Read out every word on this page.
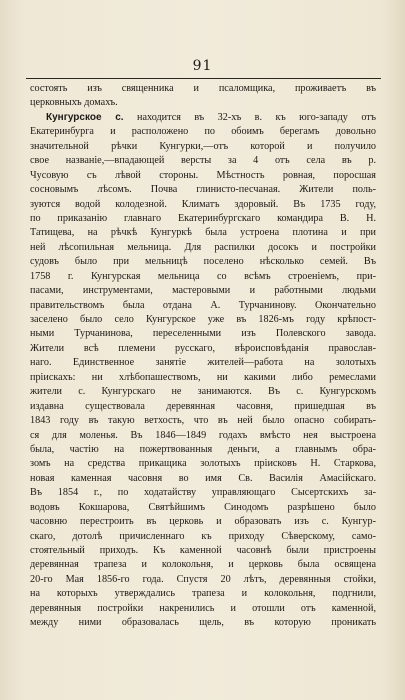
91
состоять изъ священника и псаломщика, проживаетъ въ
церковныхъ домахъ.
Кунгурское с. находится въ 32-хъ в. къ юго-западу отъ
Екатеринбурга и расположено по обоимъ берегамъ довольно
значительной рѣчки Кунгурки,—отъ которой и получило
свое названіе,—впадающей версты за 4 отъ села въ р.
Чусовую съ лѣвой стороны. Мѣстность ровная, поросшая
сосновымъ лѣсомъ. Почва глинисто-песчаная. Жители поль-
зуются водой колодезной. Климатъ здоровый. Въ 1735 году,
по приказанію главнаго Екатеринбургскаго командира В. Н.
Татищева, на рѣчкѣ Кунгуркѣ была устроена плотина и при
ней лѣсопильная мельница. Для распилки досокъ и постройки
судовъ было при мельницѣ поселено нѣсколько семей. Въ
1758 г. Кунгурская мельница со всѣмъ строеніемъ, при-
пасами, инструментами, мастеровыми и работными людьми
правительствомъ была отдана А. Турчанинову. Окончательно
заселено было село Кунгурское уже въ 1826-мъ году крѣпост-
ными Турчанинова, переселенными изъ Полевского завода.
Жители всѣ племени русскаго, вѣроисповѣданія православ-
наго. Единственное занятіе жителей—работа на золотыхъ
пріискахъ: ни хлѣбопашествомъ, ни какими либо ремеслами
жители с. Кунгурскаго не занимаются. Въ с. Кунгурскомъ
издавна существовала деревянная часовня, пришедшая въ
1843 году въ такую ветхость, что въ ней было опасно собирать-
ся для моленья. Въ 1846—1849 годахъ вмѣсто нея выстроена
была, частію на пожертвованныя деньги, а главнымъ обра-
зомъ на средства прикащика золотыхъ пріисковъ Н. Старкова,
новая каменная часовня во имя Св. Василія Амасійскаго.
Въ 1854 г., по ходатайству управляющаго Сысертскихъ за-
водовъ Кокшарова, Святѣйшимъ Синодомъ разрѣшено было
часовню перестроить въ церковь и образовать изъ с. Кунгур-
скаго, дотолѣ причисленнаго къ приходу Сѣверскому, само-
стоятельный приходъ. Къ каменной часовнѣ были пристроены
деревянная трапеза и колокольня, и церковь была освящена
20-го Мая 1856-го года. Спустя 20 лѣтъ, деревянныя стойки,
на которыхъ утверждались трапеза и колокольня, подгнили,
деревянныя постройки накренились и отошли отъ каменной,
между ними образовалась щель, въ которую проникать
